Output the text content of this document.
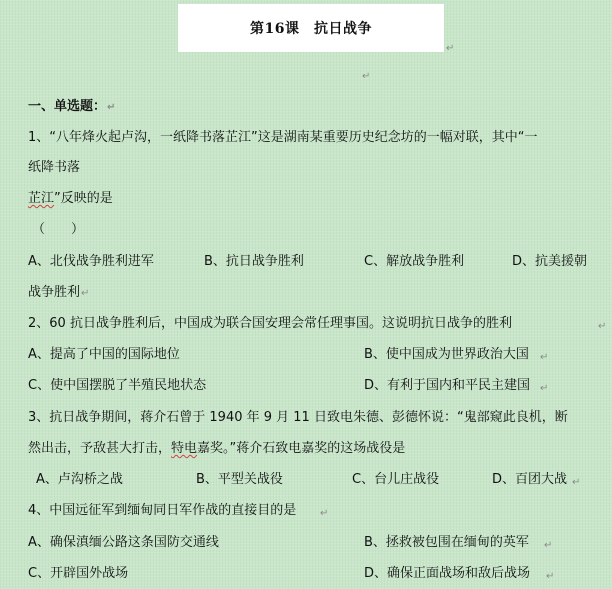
第16课　抗日战争
↵
↵
一、单选题：↵
1、“八年烽火起卢沟，一纸降书落芷江”这是湖南某重要历史纪念坊的一幅对联，其中“一
纸降书落
芷江”反映的是
（　　）
A、北伐战争胜利进军	B、抗日战争胜利	C、解放战争胜利	D、抗美援朝
战争胜利↵
2、60 抗日战争胜利后，中国成为联合国安理会常任理事国。这说明抗日战争的胜利	↵
A、提高了中国的国际地位	B、使中国成为世界政治大国 ↵
C、使中国摆脱了半殖民地状态	D、有利于国内和平民主建国 ↵
3、抗日战争期间，蒋介石曾于 1940 年 9 月 11 日致电朱德、彭德怀说：“鬼部窥此良机，断
然出击，予敌甚大打击，特电嘉奖。”蒋介石致电嘉奖的这场战役是
A、卢沟桥之战	B、平型关战役	C、台儿庄战役	D、百团大战 ↵
4、中国远征军到缅甸同日军作战的直接目的是 ↵
A、确保滇缅公路这条国防交通线	B、拯救被包围在缅甸的英军 ↵
C、开辟国外战场	D、确保正面战场和敌后战场 ↵
